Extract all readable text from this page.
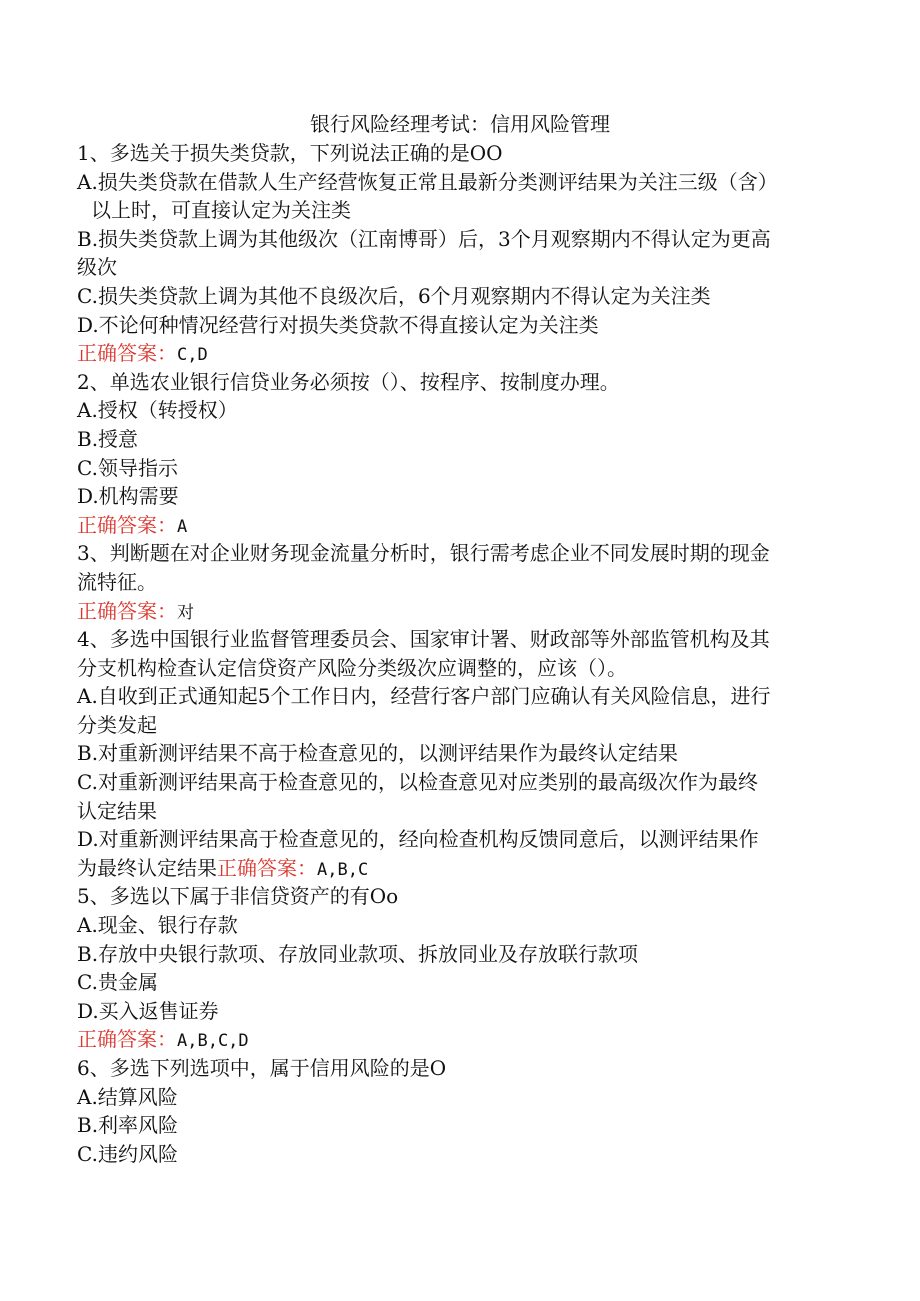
银行风险经理考试：信用风险管理
1、多选关于损失类贷款，下列说法正确的是OO
A.损失类贷款在借款人生产经营恢复正常且最新分类测评结果为关注三级（含）
以上时，可直接认定为关注类
B.损失类贷款上调为其他级次（江南博哥）后，3个月观察期内不得认定为更高
级次
C.损失类贷款上调为其他不良级次后，6个月观察期内不得认定为关注类
D.不论何种情况经营行对损失类贷款不得直接认定为关注类
正确答案：C,D
2、单选农业银行信贷业务必须按（）、按程序、按制度办理。
A.授权（转授权）
B.授意
C.领导指示
D.机构需要
正确答案：A
3、判断题在对企业财务现金流量分析时，银行需考虑企业不同发展时期的现金
流特征。
正确答案：对
4、多选中国银行业监督管理委员会、国家审计署、财政部等外部监管机构及其
分支机构检查认定信贷资产风险分类级次应调整的，应该（）。
A.自收到正式通知起5个工作日内，经营行客户部门应确认有关风险信息，进行
分类发起
B.对重新测评结果不高于检查意见的，以测评结果作为最终认定结果
C.对重新测评结果高于检查意见的，以检查意见对应类别的最高级次作为最终
认定结果
D.对重新测评结果高于检查意见的，经向检查机构反馈同意后，以测评结果作
为最终认定结果正确答案：A,B,C
5、多选以下属于非信贷资产的有Oo
A.现金、银行存款
B.存放中央银行款项、存放同业款项、拆放同业及存放联行款项
C.贵金属
D.买入返售证券
正确答案：A,B,C,D
6、多选下列选项中，属于信用风险的是O
A.结算风险
B.利率风险
C.违约风险
